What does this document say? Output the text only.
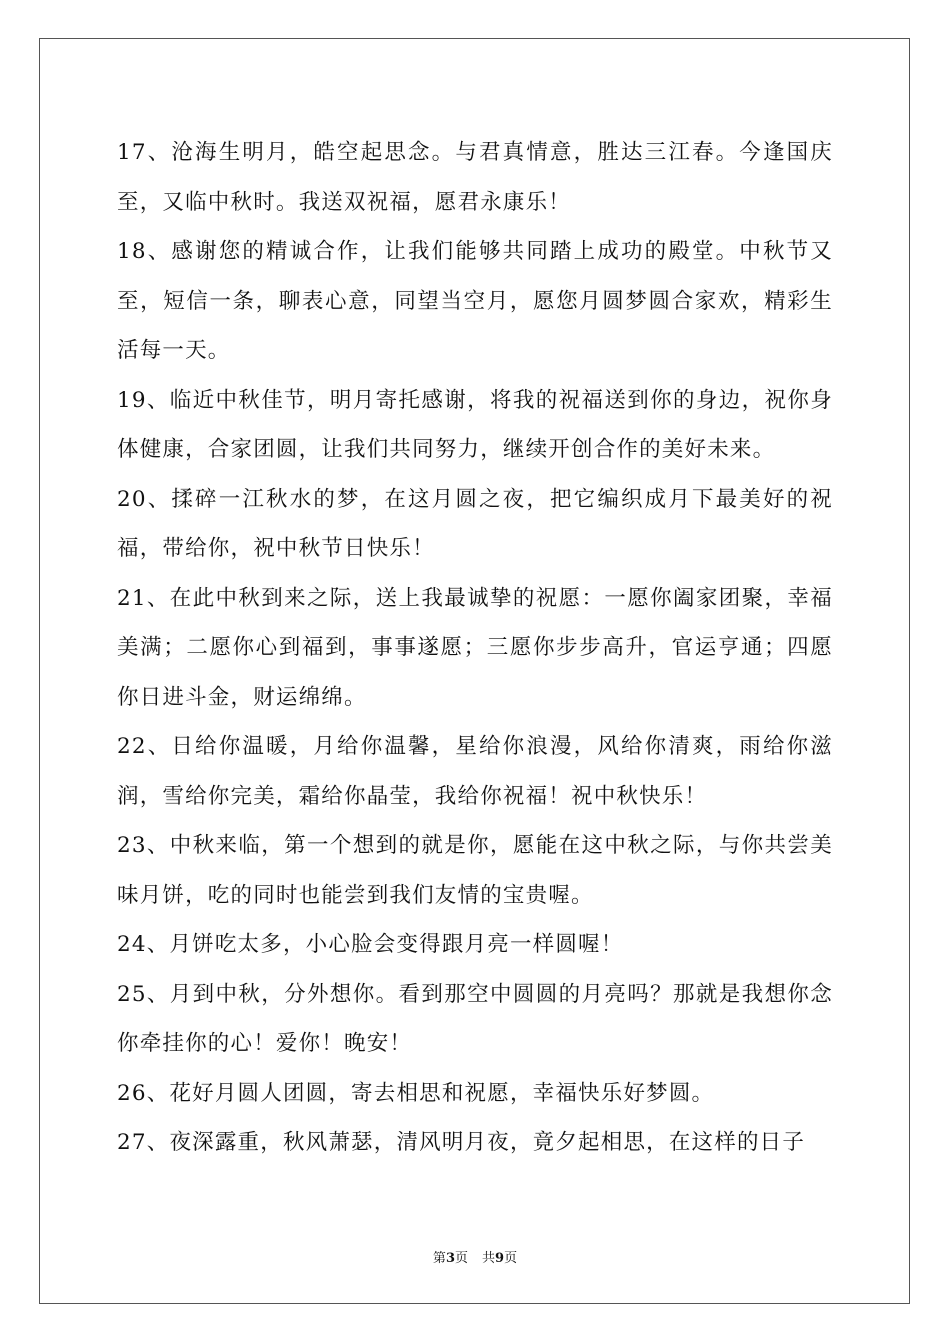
17、沧海生明月，皓空起思念。与君真情意，胜达三江春。今逢国庆至，又临中秋时。我送双祝福，愿君永康乐！

18、感谢您的精诚合作，让我们能够共同踏上成功的殿堂。中秋节又至，短信一条，聊表心意，同望当空月，愿您月圆梦圆合家欢，精彩生活每一天。

19、临近中秋佳节，明月寄托感谢，将我的祝福送到你的身边，祝你身体健康，合家团圆，让我们共同努力，继续开创合作的美好未来。

20、揉碎一江秋水的梦，在这月圆之夜，把它编织成月下最美好的祝福，带给你，祝中秋节日快乐！

21、在此中秋到来之际，送上我最诚挚的祝愿：一愿你阖家团聚，幸福美满；二愿你心到福到，事事遂愿；三愿你步步高升，官运亨通；四愿你日进斗金，财运绵绵。

22、日给你温暖，月给你温馨，星给你浪漫，风给你清爽，雨给你滋润，雪给你完美，霜给你晶莹，我给你祝福！祝中秋快乐！

23、中秋来临，第一个想到的就是你，愿能在这中秋之际，与你共尝美味月饼，吃的同时也能尝到我们友情的宝贵喔。

24、月饼吃太多，小心脸会变得跟月亮一样圆喔！

25、月到中秋，分外想你。看到那空中圆圆的月亮吗？那就是我想你念你牵挂你的心！爱你！晚安！

26、花好月圆人团圆，寄去相思和祝愿，幸福快乐好梦圆。

27、夜深露重，秋风萧瑟，清风明月夜，竟夕起相思，在这样的日子

第3页 共9页
